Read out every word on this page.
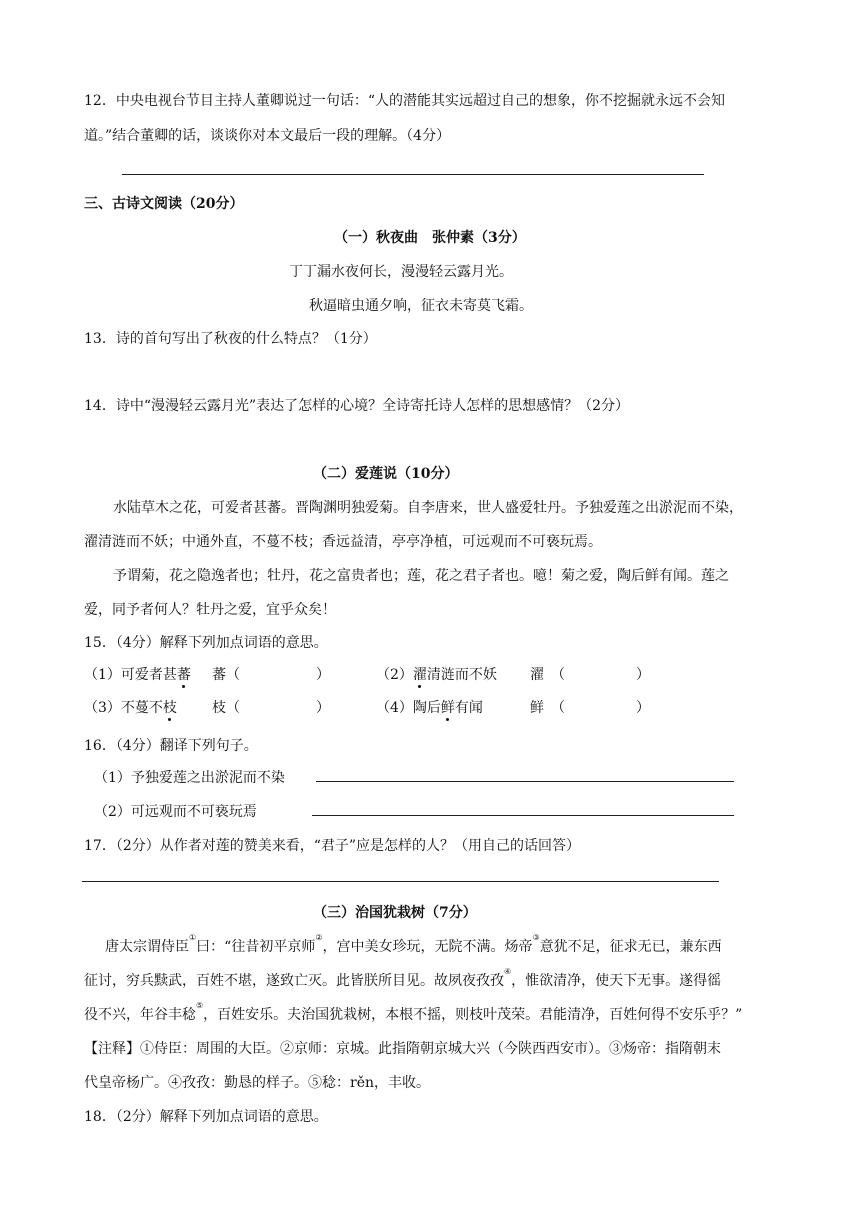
12．中央电视台节目主持人董卿说过一句话：“人的潜能其实远超过自己的想象，你不挖掘就永远不会知
道。”结合董卿的话，谈谈你对本文最后一段的理解。（4分）
三、古诗文阅读（20分）
（一）秋夜曲　张仲素（3分）
丁丁漏水夜何长，漫漫轻云露月光。
秋逼暗虫通夕响，征衣未寄莫飞霜。
13．诗的首句写出了秋夜的什么特点？（1分）
14．诗中“漫漫轻云露月光”表达了怎样的心境？全诗寄托诗人怎样的思想感情？（2分）
（二）爱莲说（10分）
水陆草木之花，可爱者甚蕃。晋陶渊明独爱菊。自李唐来，世人盛爱牡丹。予独爱莲之出淤泥而不染，
濯清涟而不妖；中通外直，不蔓不枝；香远益清，亭亭净植，可远观而不可亵玩焉。
予谓菊，花之隐逸者也；牡丹，花之富贵者也；莲，花之君子者也。噫！菊之爱，陶后鲜有闻。莲之
爱，同予者何人？牡丹之爱，宜乎众矣！
15．（4分）解释下列加点词语的意思。
（1）可爱者甚蕃 蕃（	）	（2）濯清涟而不妖 濯　（	）
（3）不蔓不枝	枝（	）	（4）陶后鲜有闻	鲜　（	）
16．（4分）翻译下列句子。
（1）予独爱莲之出淤泥而不染
（2）可远观而不可亵玩焉
17．（2分）从作者对莲的赞美来看，“君子”应是怎样的人？（用自己的话回答）
（三）治国犹栽树（7分）
唐太宗谓侍臣①曰：“往昔初平京师②，宫中美女珍玩，无院不满。炀帝③意犹不足，征求无已，兼东西
征讨，穷兵黩武，百姓不堪，遂致亡灭。此皆朕所目见。故夙夜孜孜④，惟欲清净，使天下无事。遂得徭
役不兴，年谷丰稔⑤，百姓安乐。夫治国犹栽树，本根不摇，则枝叶茂荣。君能清净，百姓何得不安乐乎？”
【注释】①侍臣：周围的大臣。②京师：京城。此指隋朝京城大兴（今陕西西安市）。③炀帝：指隋朝末
代皇帝杨广。④孜孜：勤恳的样子。⑤稔：rěn，丰收。
18．（2分）解释下列加点词语的意思。
